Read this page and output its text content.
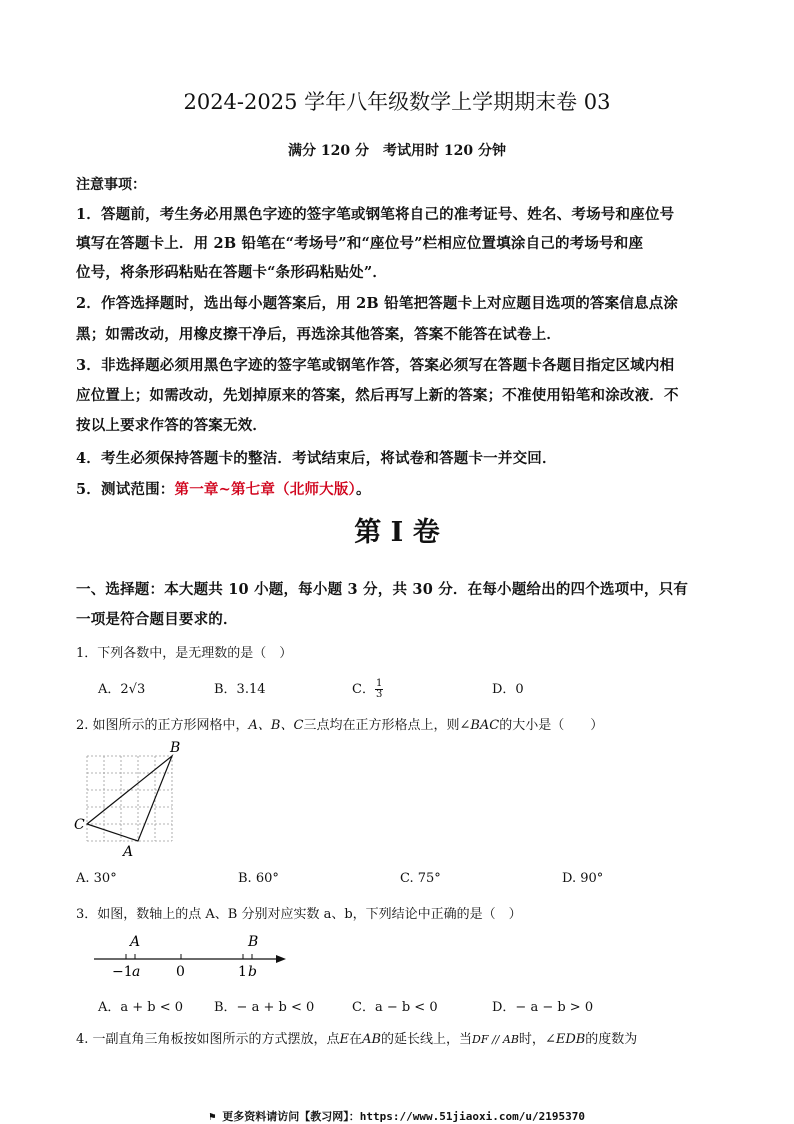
2024-2025 学年八年级数学上学期期末卷 03
满分 120 分　考试用时 120 分钟
注意事项：
1．答题前，考生务必用黑色字迹的签字笔或钢笔将自己的准考证号、姓名、考场号和座位号
填写在答题卡上．用 2B 铅笔在“考场号”和“座位号”栏相应位置填涂自己的考场号和座
位号，将条形码粘贴在答题卡“条形码粘贴处”．
2．作答选择题时，选出每小题答案后，用 2B 铅笔把答题卡上对应题目选项的答案信息点涂
黑；如需改动，用橡皮擦干净后，再选涂其他答案，答案不能答在试卷上．
3．非选择题必须用黑色字迹的签字笔或钢笔作答，答案必须写在答题卡各题目指定区域内相
应位置上；如需改动，先划掉原来的答案，然后再写上新的答案；不准使用铅笔和涂改液．不
按以上要求作答的答案无效．
4．考生必须保持答题卡的整洁．考试结束后，将试卷和答题卡一并交回．
5．测试范围：第一章~第七章（北师大版）。
第 I 卷
一、选择题：本大题共 10 小题，每小题 3 分，共 30 分．在每小题给出的四个选项中，只有
一项是符合题目要求的．
1．下列各数中，是无理数的是（　）
A．2√3	B．3.14	C． $\frac{1}{3}$	D．0
2. 如图所示的正方形网格中，A、B、C三点均在正方形格点上，则∠BAC的大小是（　　）
B
C
A
A. 30°	B. 60°	C. 75°	D. 90°
3．如图，数轴上的点 A、B 分别对应实数 a、b，下列结论中正确的是（　）
A	B
−1 a	0	1 b
A．a + b < 0 B．− a + b < 0	C．a − b < 0	D．− a − b > 0
4. 一副直角三角板按如图所示的方式摆放，点E在AB的延长线上，当DF // AB时，∠EDB的度数为
⚑ 更多资料请访问【教习网】：https://www.51jiaoxi.com/u/2195370
